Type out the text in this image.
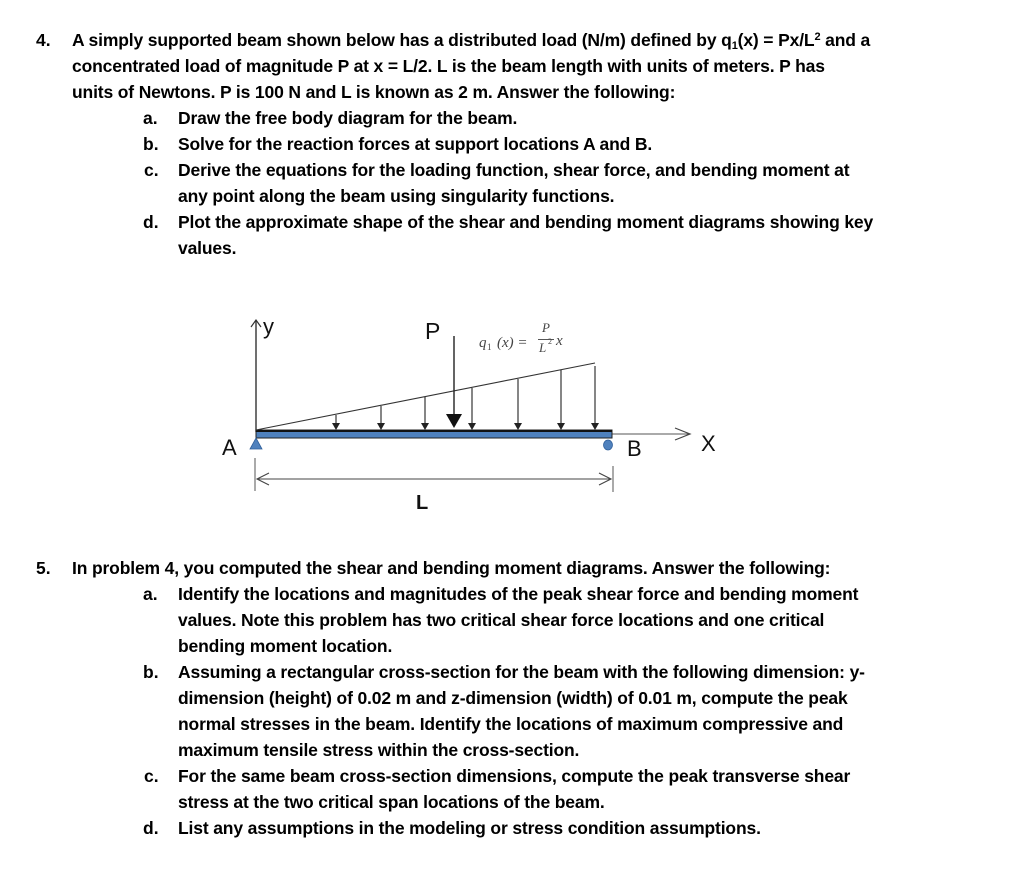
4. A simply supported beam shown below has a distributed load (N/m) defined by $q_1(x) = Px/L^2$ and a
concentrated load of magnitude P at x = L/2. L is the beam length with units of meters. P has
units of Newtons. P is 100 N and L is known as 2 m. Answer the following:
a. Draw the free body diagram for the beam.
b. Solve for the reaction forces at support locations A and B.
c. Derive the equations for the loading function, shear force, and bending moment at
any point along the beam using singularity functions.
d. Plot the approximate shape of the shear and bending moment diagrams showing key
values.
y	P
A	B	X
L
q 1 (x) =
P
L 2 x
5. In problem 4, you computed the shear and bending moment diagrams. Answer the following:
a. Identify the locations and magnitudes of the peak shear force and bending moment
values. Note this problem has two critical shear force locations and one critical
bending moment location.
b. Assuming a rectangular cross-section for the beam with the following dimension: y-
dimension (height) of 0.02 m and z-dimension (width) of 0.01 m, compute the peak
normal stresses in the beam. Identify the locations of maximum compressive and
maximum tensile stress within the cross-section.
c. For the same beam cross-section dimensions, compute the peak transverse shear
stress at the two critical span locations of the beam.
d. List any assumptions in the modeling or stress condition assumptions.
